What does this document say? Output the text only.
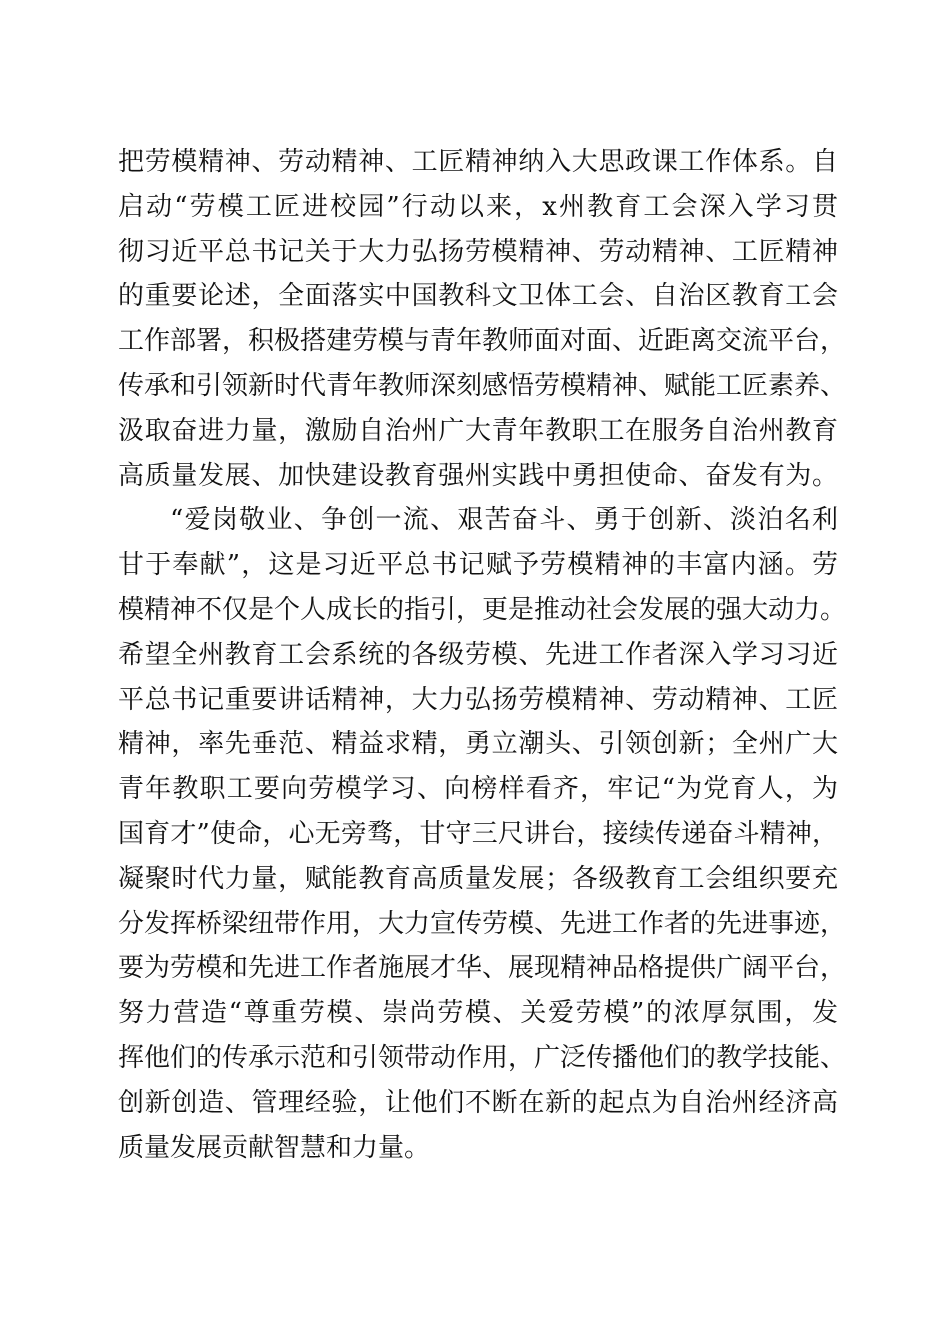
把劳模精神、劳动精神、工匠精神纳入大思政课工作体系。自
启动“劳模工匠进校园”行动以来，x州教育工会深入学习贯
彻习近平总书记关于大力弘扬劳模精神、劳动精神、工匠精神
的重要论述，全面落实中国教科文卫体工会、自治区教育工会
工作部署，积极搭建劳模与青年教师面对面、近距离交流平台，
传承和引领新时代青年教师深刻感悟劳模精神、赋能工匠素养、
汲取奋进力量，激励自治州广大青年教职工在服务自治州教育
高质量发展、加快建设教育强州实践中勇担使命、奋发有为。
“爱岗敬业、争创一流、艰苦奋斗、勇于创新、淡泊名利
甘于奉献”，这是习近平总书记赋予劳模精神的丰富内涵。劳
模精神不仅是个人成长的指引，更是推动社会发展的强大动力。
希望全州教育工会系统的各级劳模、先进工作者深入学习习近
平总书记重要讲话精神，大力弘扬劳模精神、劳动精神、工匠
精神，率先垂范、精益求精，勇立潮头、引领创新；全州广大
青年教职工要向劳模学习、向榜样看齐，牢记“为党育人，为
国育才”使命，心无旁骛，甘守三尺讲台，接续传递奋斗精神，
凝聚时代力量，赋能教育高质量发展；各级教育工会组织要充
分发挥桥梁纽带作用，大力宣传劳模、先进工作者的先进事迹，
要为劳模和先进工作者施展才华、展现精神品格提供广阔平台，
努力营造“尊重劳模、崇尚劳模、关爱劳模”的浓厚氛围，发
挥他们的传承示范和引领带动作用，广泛传播他们的教学技能、
创新创造、管理经验，让他们不断在新的起点为自治州经济高
质量发展贡献智慧和力量。
